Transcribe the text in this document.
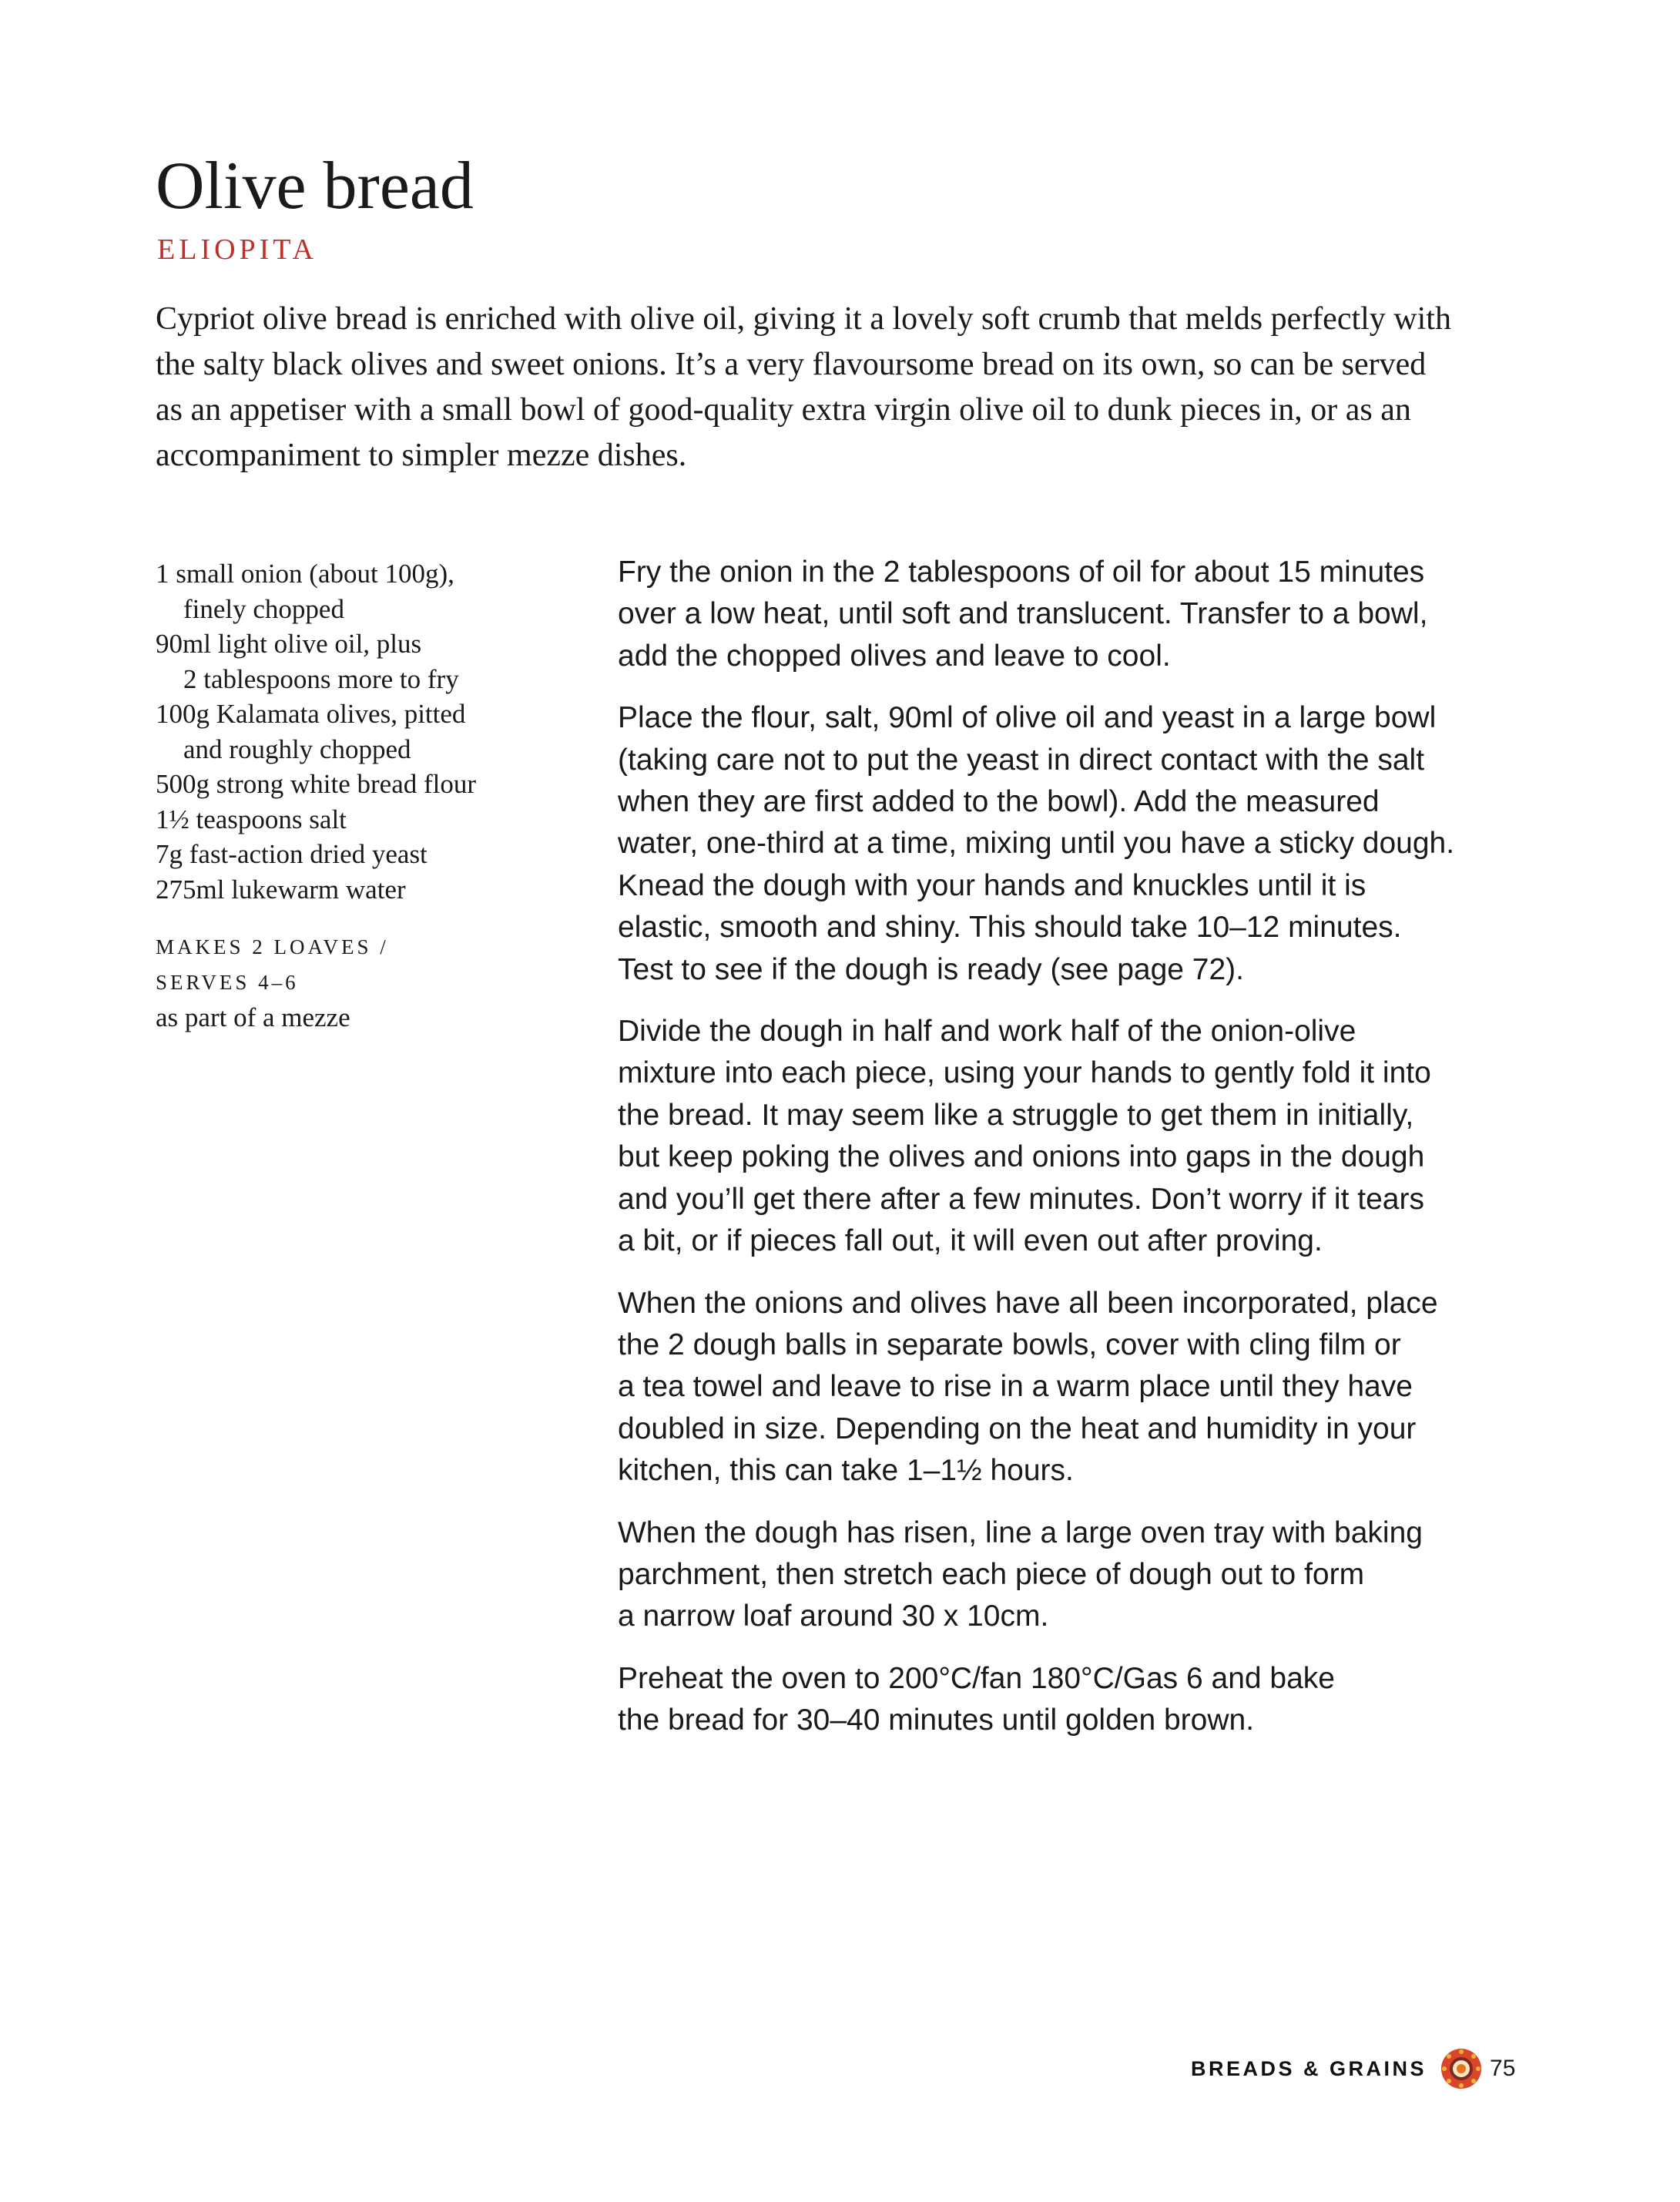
Olive bread
ELIOPITA
Cypriot olive bread is enriched with olive oil, giving it a lovely soft crumb that melds perfectly with
the salty black olives and sweet onions. It’s a very flavoursome bread on its own, so can be served
as an appetiser with a small bowl of good-quality extra virgin olive oil to dunk pieces in, or as an
accompaniment to simpler mezze dishes.
1 small onion (about 100g),
finely chopped
90ml light olive oil, plus
2 tablespoons more to fry
100g Kalamata olives, pitted
and roughly chopped
500g strong white bread flour
1½ teaspoons salt
7g fast-action dried yeast
275ml lukewarm water
MAKES 2 LOAVES /
SERVES 4–6
as part of a mezze

Fry the onion in the 2 tablespoons of oil for about 15 minutes
over a low heat, until soft and translucent. Transfer to a bowl,
add the chopped olives and leave to cool.

Place the flour, salt, 90ml of olive oil and yeast in a large bowl
(taking care not to put the yeast in direct contact with the salt
when they are first added to the bowl). Add the measured
water, one-third at a time, mixing until you have a sticky dough.
Knead the dough with your hands and knuckles until it is
elastic, smooth and shiny. This should take 10–12 minutes.
Test to see if the dough is ready (see page 72).

Divide the dough in half and work half of the onion-olive
mixture into each piece, using your hands to gently fold it into
the bread. It may seem like a struggle to get them in initially,
but keep poking the olives and onions into gaps in the dough
and you’ll get there after a few minutes. Don’t worry if it tears
a bit, or if pieces fall out, it will even out after proving.

When the onions and olives have all been incorporated, place
the 2 dough balls in separate bowls, cover with cling film or
a tea towel and leave to rise in a warm place until they have
doubled in size. Depending on the heat and humidity in your
kitchen, this can take 1–1½ hours.

When the dough has risen, line a large oven tray with baking
parchment, then stretch each piece of dough out to form
a narrow loaf around 30 x 10cm.

Preheat the oven to 200°C/fan 180°C/Gas 6 and bake
the bread for 30–40 minutes until golden brown.

BREADS & GRAINS	75
